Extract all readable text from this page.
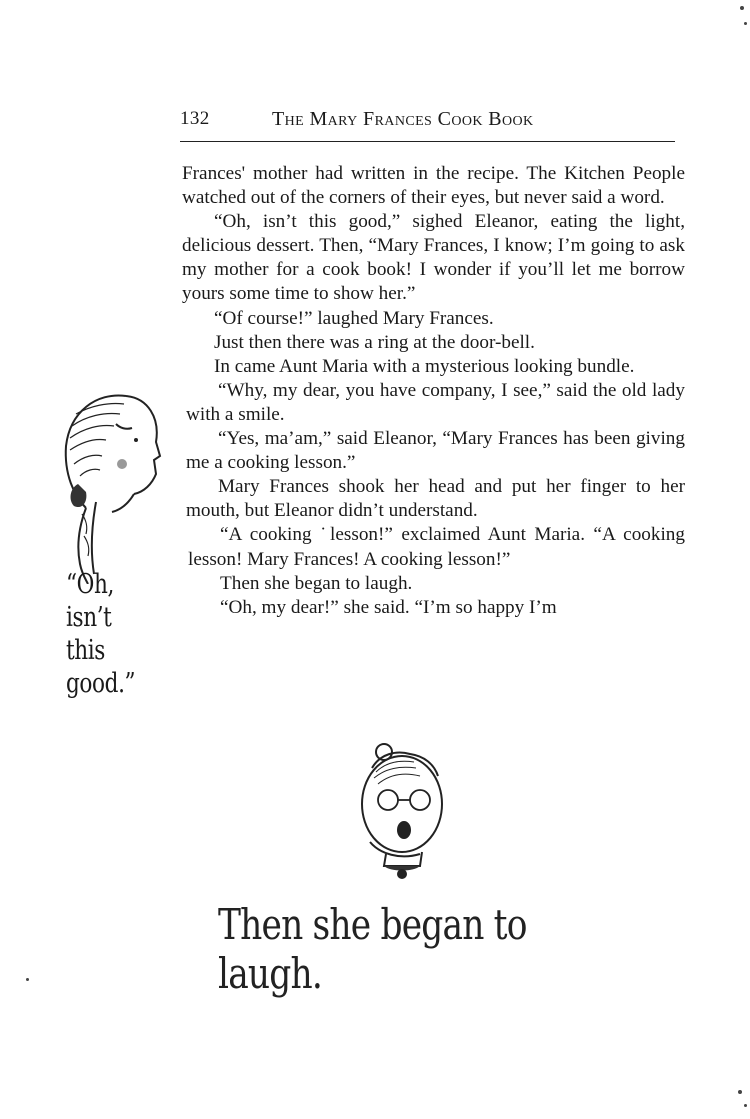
132	The Mary Frances Cook Book

Frances' mother had written in the recipe. The Kitchen People watched out of the corners of their eyes, but never said a word.

“Oh, isn’t this good,” sighed Eleanor, eating the light, delicious dessert. Then, “Mary Frances, I know; I’m going to ask my mother for a cook book! I wonder if you’ll let me borrow yours some time to show her.”

“Of course!” laughed Mary Frances.

Just then there was a ring at the door-bell.

In came Aunt Maria with a mysterious looking bundle.

“Why, my dear, you have company, I see,” said the old lady with a smile.

“Yes, ma’am,” said Eleanor, “Mary Frances has been giving me a cooking lesson.”

Mary Frances shook her head and put her finger to her mouth, but Eleanor didn’t understand.

“A cooking ˙lesson!” exclaimed Aunt Maria. “A cooking lesson! Mary Frances! A cooking lesson!”

Then she began to laugh.

“Oh, my dear!” she said. “I’m so happy I’m

“Oh, isn’t
this
good.”
Then she began to laugh.
